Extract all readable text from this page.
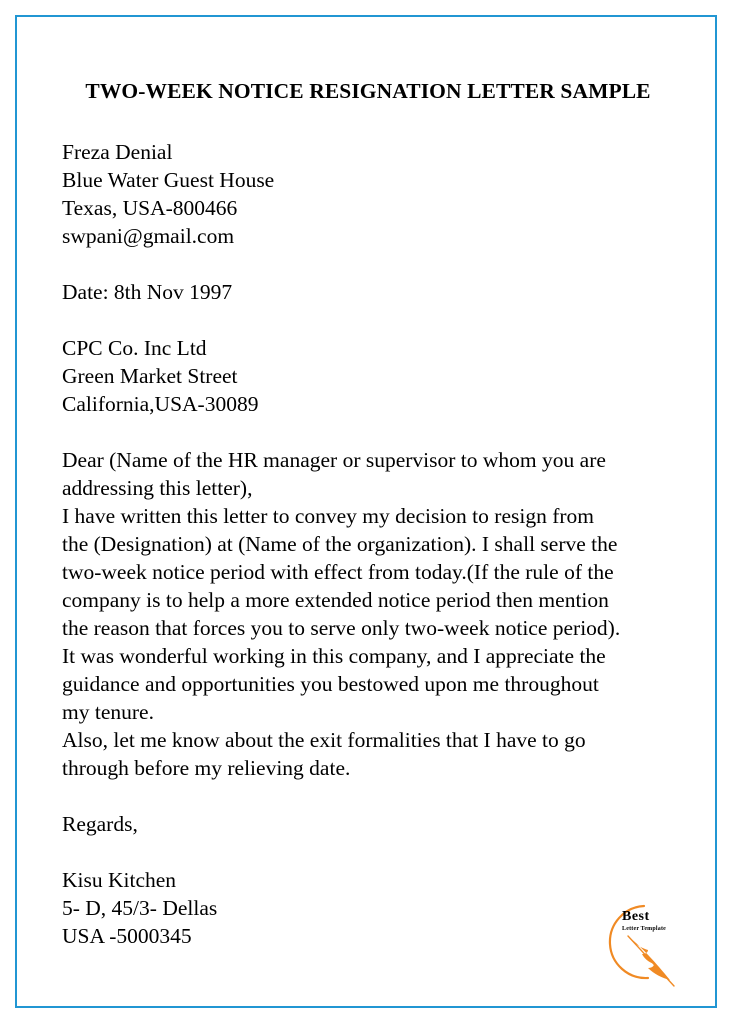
TWO-WEEK NOTICE RESIGNATION LETTER SAMPLE
Freza Denial
Blue Water Guest House
Texas, USA-800466
swpani@gmail.com
Date: 8th Nov 1997
CPC Co. Inc Ltd
Green Market Street
California,USA-30089
Dear (Name of the HR manager or supervisor to whom you are
addressing this letter),
I have written this letter to convey my decision to resign from
the (Designation) at (Name of the organization). I shall serve the
two-week notice period with effect from today.(If the rule of the
company is to help a more extended notice period then mention
the reason that forces you to serve only two-week notice period).
It was wonderful working in this company, and I appreciate the
guidance and opportunities you bestowed upon me throughout
my tenure.
Also, let me know about the exit formalities that I have to go
through before my relieving date.
Regards,
Kisu Kitchen
5- D, 45/3- Dellas
USA -5000345
Best
Letter Template
